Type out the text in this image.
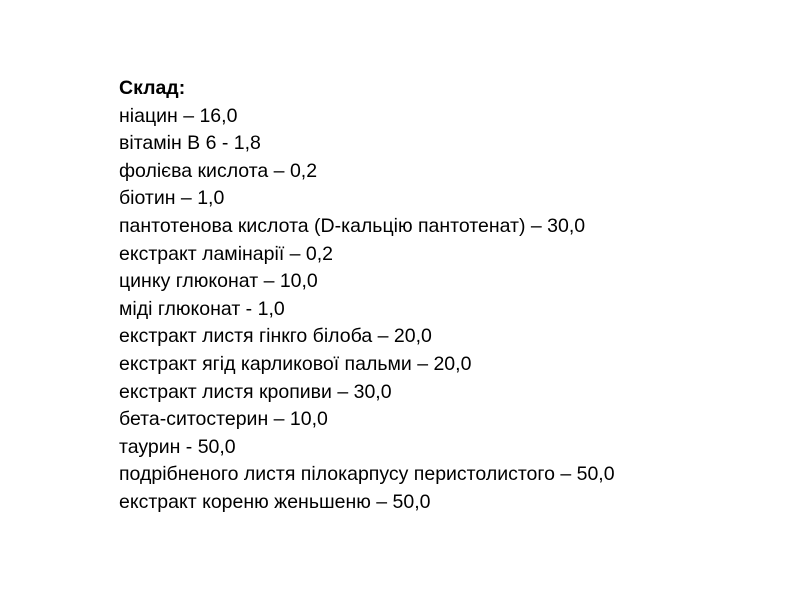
Склад:
ніацин – 16,0
вітамін В 6 - 1,8
фолієва кислота – 0,2
біотин – 1,0
пантотенова кислота (D-кальцію пантотенат) – 30,0
екстракт ламінарії – 0,2
цинку глюконат – 10,0
міді глюконат - 1,0
екстракт листя гінкго білоба – 20,0
екстракт ягід карликової пальми – 20,0
екстракт листя кропиви – 30,0
бета-ситостерин – 10,0
таурин - 50,0
подрібненого листя пілокарпусу перистолистого – 50,0
екстракт кореню женьшеню – 50,0
